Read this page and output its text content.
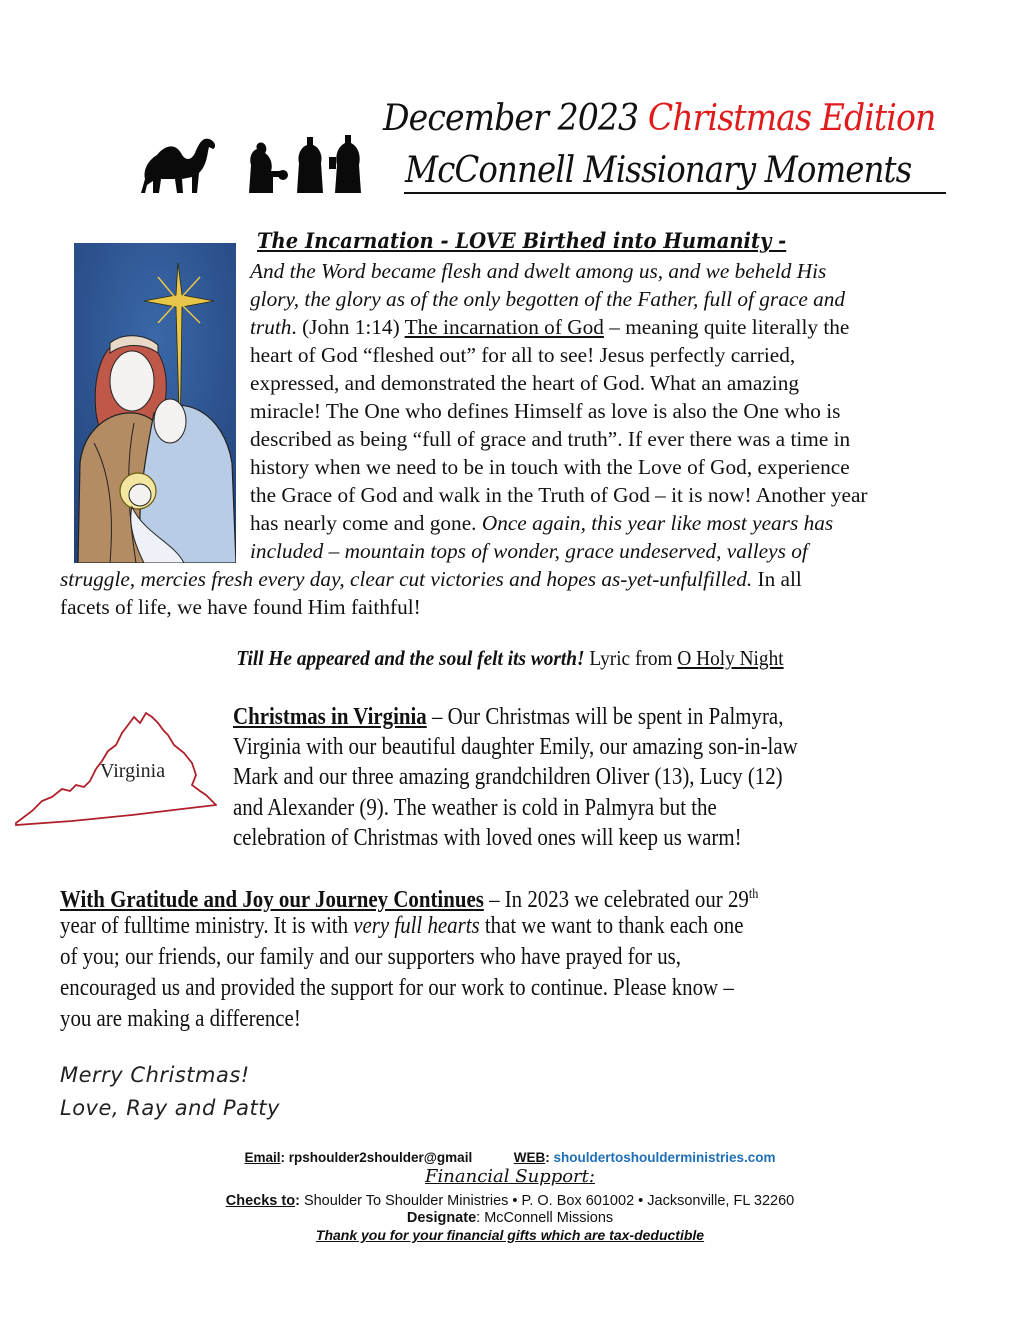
December 2023 Christmas Edition
McConnell Missionary Moments
The Incarnation - LOVE Birthed into Humanity -
And the Word became flesh and dwelt among us, and we beheld His
glory, the glory as of the only begotten of the Father, full of grace and
truth. (John 1:14) The incarnation of God – meaning quite literally the
heart of God “fleshed out” for all to see! Jesus perfectly carried,
expressed, and demonstrated the heart of God. What an amazing
miracle! The One who defines Himself as love is also the One who is
described as being “full of grace and truth”. If ever there was a time in
history when we need to be in touch with the Love of God, experience
the Grace of God and walk in the Truth of God – it is now! Another year
has nearly come and gone. Once again, this year like most years has
included – mountain tops of wonder, grace undeserved, valleys of
struggle, mercies fresh every day, clear cut victories and hopes as-yet-unfulfilled. In all
facets of life, we have found Him faithful!
Till He appeared and the soul felt its worth! Lyric from O Holy Night
Virginia
Christmas in Virginia – Our Christmas will be spent in Palmyra,
Virginia with our beautiful daughter Emily, our amazing son-in-law
Mark and our three amazing grandchildren Oliver (13), Lucy (12)
and Alexander (9). The weather is cold in Palmyra but the
celebration of Christmas with loved ones will keep us warm!
With Gratitude and Joy our Journey Continues – In 2023 we celebrated our 29th
year of fulltime ministry. It is with very full hearts that we want to thank each one
of you; our friends, our family and our supporters who have prayed for us,
encouraged us and provided the support for our work to continue. Please know –
you are making a difference!
Merry Christmas!
Love, Ray and Patty
Email: rpshoulder2shoulder@gmail	WEB: shouldertoshoulderministries.com
Financial Support:
Checks to: Shoulder To Shoulder Ministries • P. O. Box 601002 • Jacksonville, FL 32260
Designate: McConnell Missions
Thank you for your financial gifts which are tax-deductible
